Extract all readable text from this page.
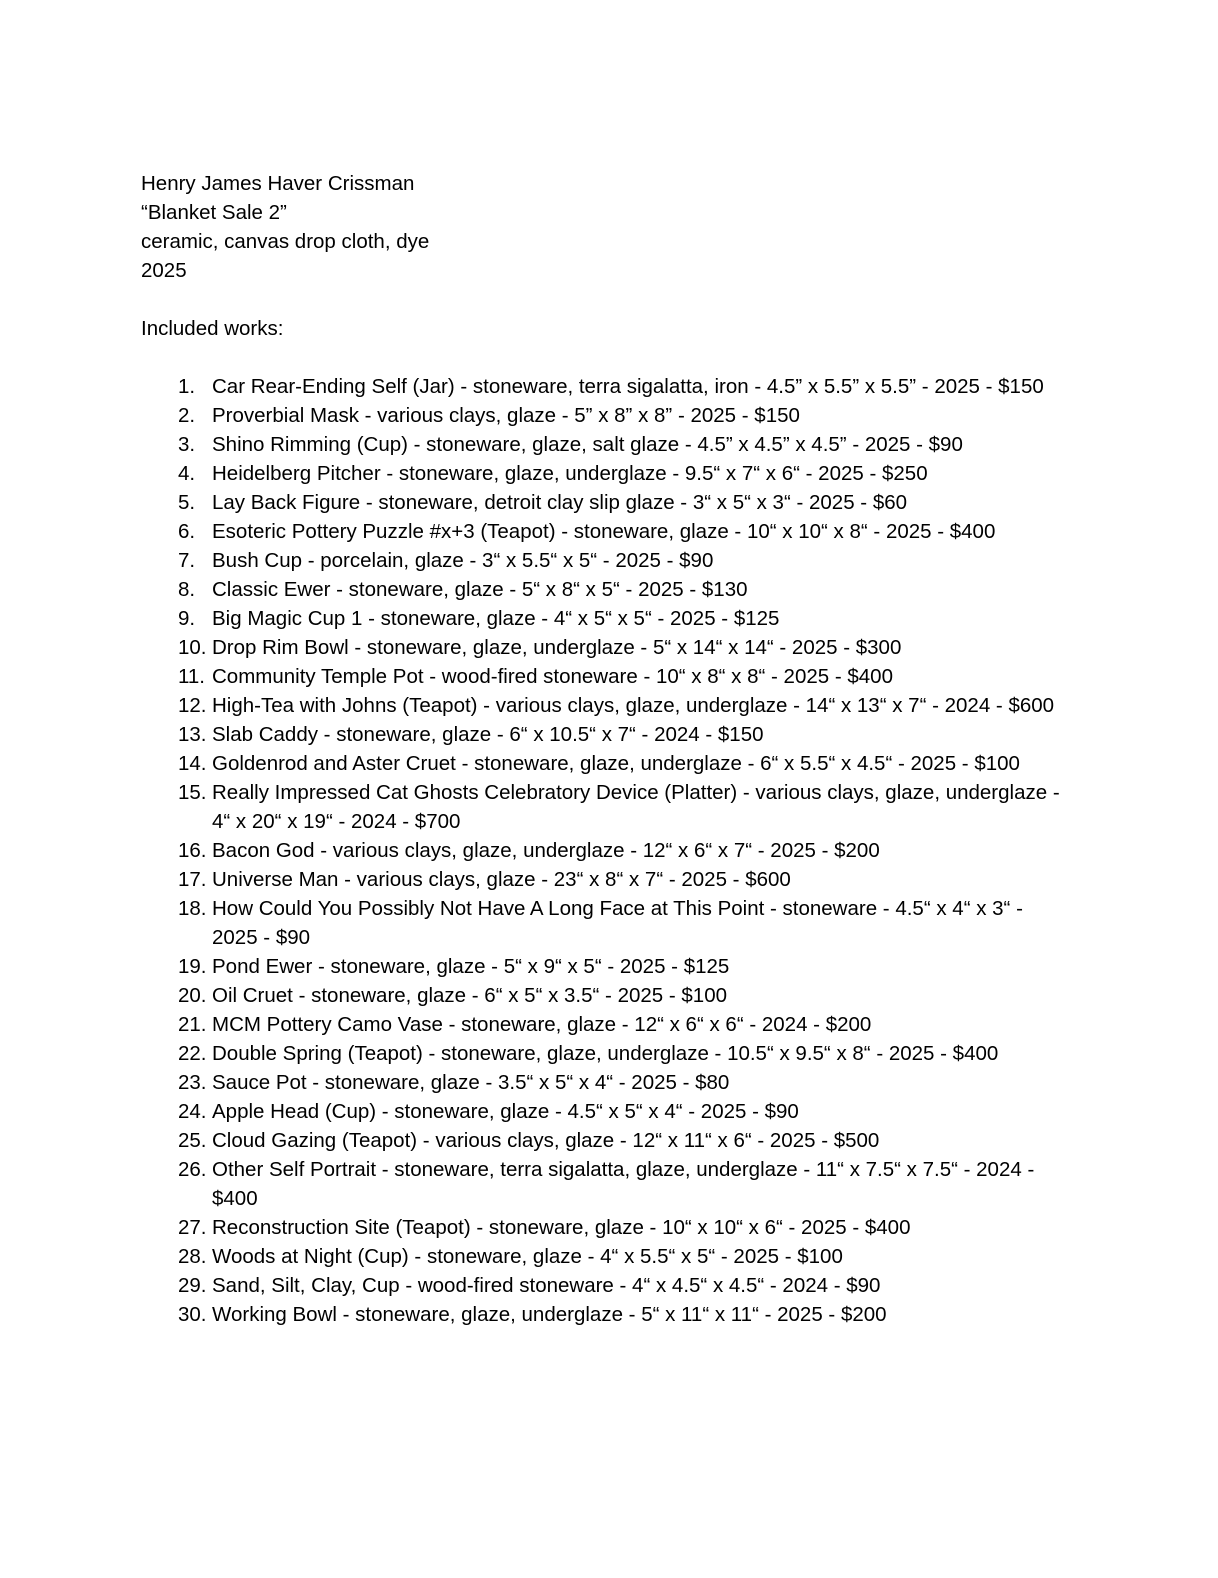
Henry James Haver Crissman

“Blanket Sale 2”

ceramic, canvas drop cloth, dye

2025

Included works:

1. Car Rear-Ending Self (Jar) - stoneware, terra sigalatta, iron - 4.5” x 5.5” x 5.5” - 2025 - $150
2. Proverbial Mask - various clays, glaze - 5” x 8” x 8” - 2025 - $150
3. Shino Rimming (Cup) - stoneware, glaze, salt glaze - 4.5” x 4.5” x 4.5” - 2025 - $90
4. Heidelberg Pitcher - stoneware, glaze, underglaze - 9.5“ x 7“ x 6“ - 2025 - $250
5. Lay Back Figure - stoneware, detroit clay slip glaze - 3“ x 5“ x 3“ - 2025 - $60
6. Esoteric Pottery Puzzle #x+3 (Teapot) - stoneware, glaze - 10“ x 10“ x 8“ - 2025 - $400
7. Bush Cup - porcelain, glaze - 3“ x 5.5“ x 5“ - 2025 - $90
8. Classic Ewer - stoneware, glaze - 5“ x 8“ x 5“ - 2025 - $130
9. Big Magic Cup 1 - stoneware, glaze - 4“ x 5“ x 5“ - 2025 - $125
10. Drop Rim Bowl - stoneware, glaze, underglaze - 5“ x 14“ x 14“ - 2025 - $300
11. Community Temple Pot - wood-fired stoneware - 10“ x 8“ x 8“ - 2025 - $400
12. High-Tea with Johns (Teapot) - various clays, glaze, underglaze - 14“ x 13“ x 7“ - 2024 - $600
13. Slab Caddy - stoneware, glaze - 6“ x 10.5“ x 7“ - 2024 - $150
14. Goldenrod and Aster Cruet - stoneware, glaze, underglaze - 6“ x 5.5“ x 4.5“ - 2025 - $100
15. Really Impressed Cat Ghosts Celebratory Device (Platter) - various clays, glaze, underglaze - 4“ x 20“ x 19“ - 2024 - $700
16. Bacon God - various clays, glaze, underglaze - 12“ x 6“ x 7“ - 2025 - $200
17. Universe Man - various clays, glaze - 23“ x 8“ x 7“ - 2025 - $600
18. How Could You Possibly Not Have A Long Face at This Point - stoneware - 4.5“ x 4“ x 3“ - 2025 - $90
19. Pond Ewer - stoneware, glaze - 5“ x 9“ x 5“ - 2025 - $125
20. Oil Cruet - stoneware, glaze - 6“ x 5“ x 3.5“ - 2025 - $100
21. MCM Pottery Camo Vase - stoneware, glaze - 12“ x 6“ x 6“ - 2024 - $200
22. Double Spring (Teapot) - stoneware, glaze, underglaze - 10.5“ x 9.5“ x 8“ - 2025 - $400
23. Sauce Pot - stoneware, glaze - 3.5“ x 5“ x 4“ - 2025 - $80
24. Apple Head (Cup) - stoneware, glaze - 4.5“ x 5“ x 4“ - 2025 - $90
25. Cloud Gazing (Teapot) - various clays, glaze - 12“ x 11“ x 6“ - 2025 - $500
26. Other Self Portrait - stoneware, terra sigalatta, glaze, underglaze - 11“ x 7.5“ x 7.5“ - 2024 - $400
27. Reconstruction Site (Teapot) - stoneware, glaze - 10“ x 10“ x 6“ - 2025 - $400
28. Woods at Night (Cup) - stoneware, glaze - 4“ x 5.5“ x 5“ - 2025 - $100
29. Sand, Silt, Clay, Cup - wood-fired stoneware - 4“ x 4.5“ x 4.5“ - 2024 - $90
30. Working Bowl - stoneware, glaze, underglaze - 5“ x 11“ x 11“ - 2025 - $200
